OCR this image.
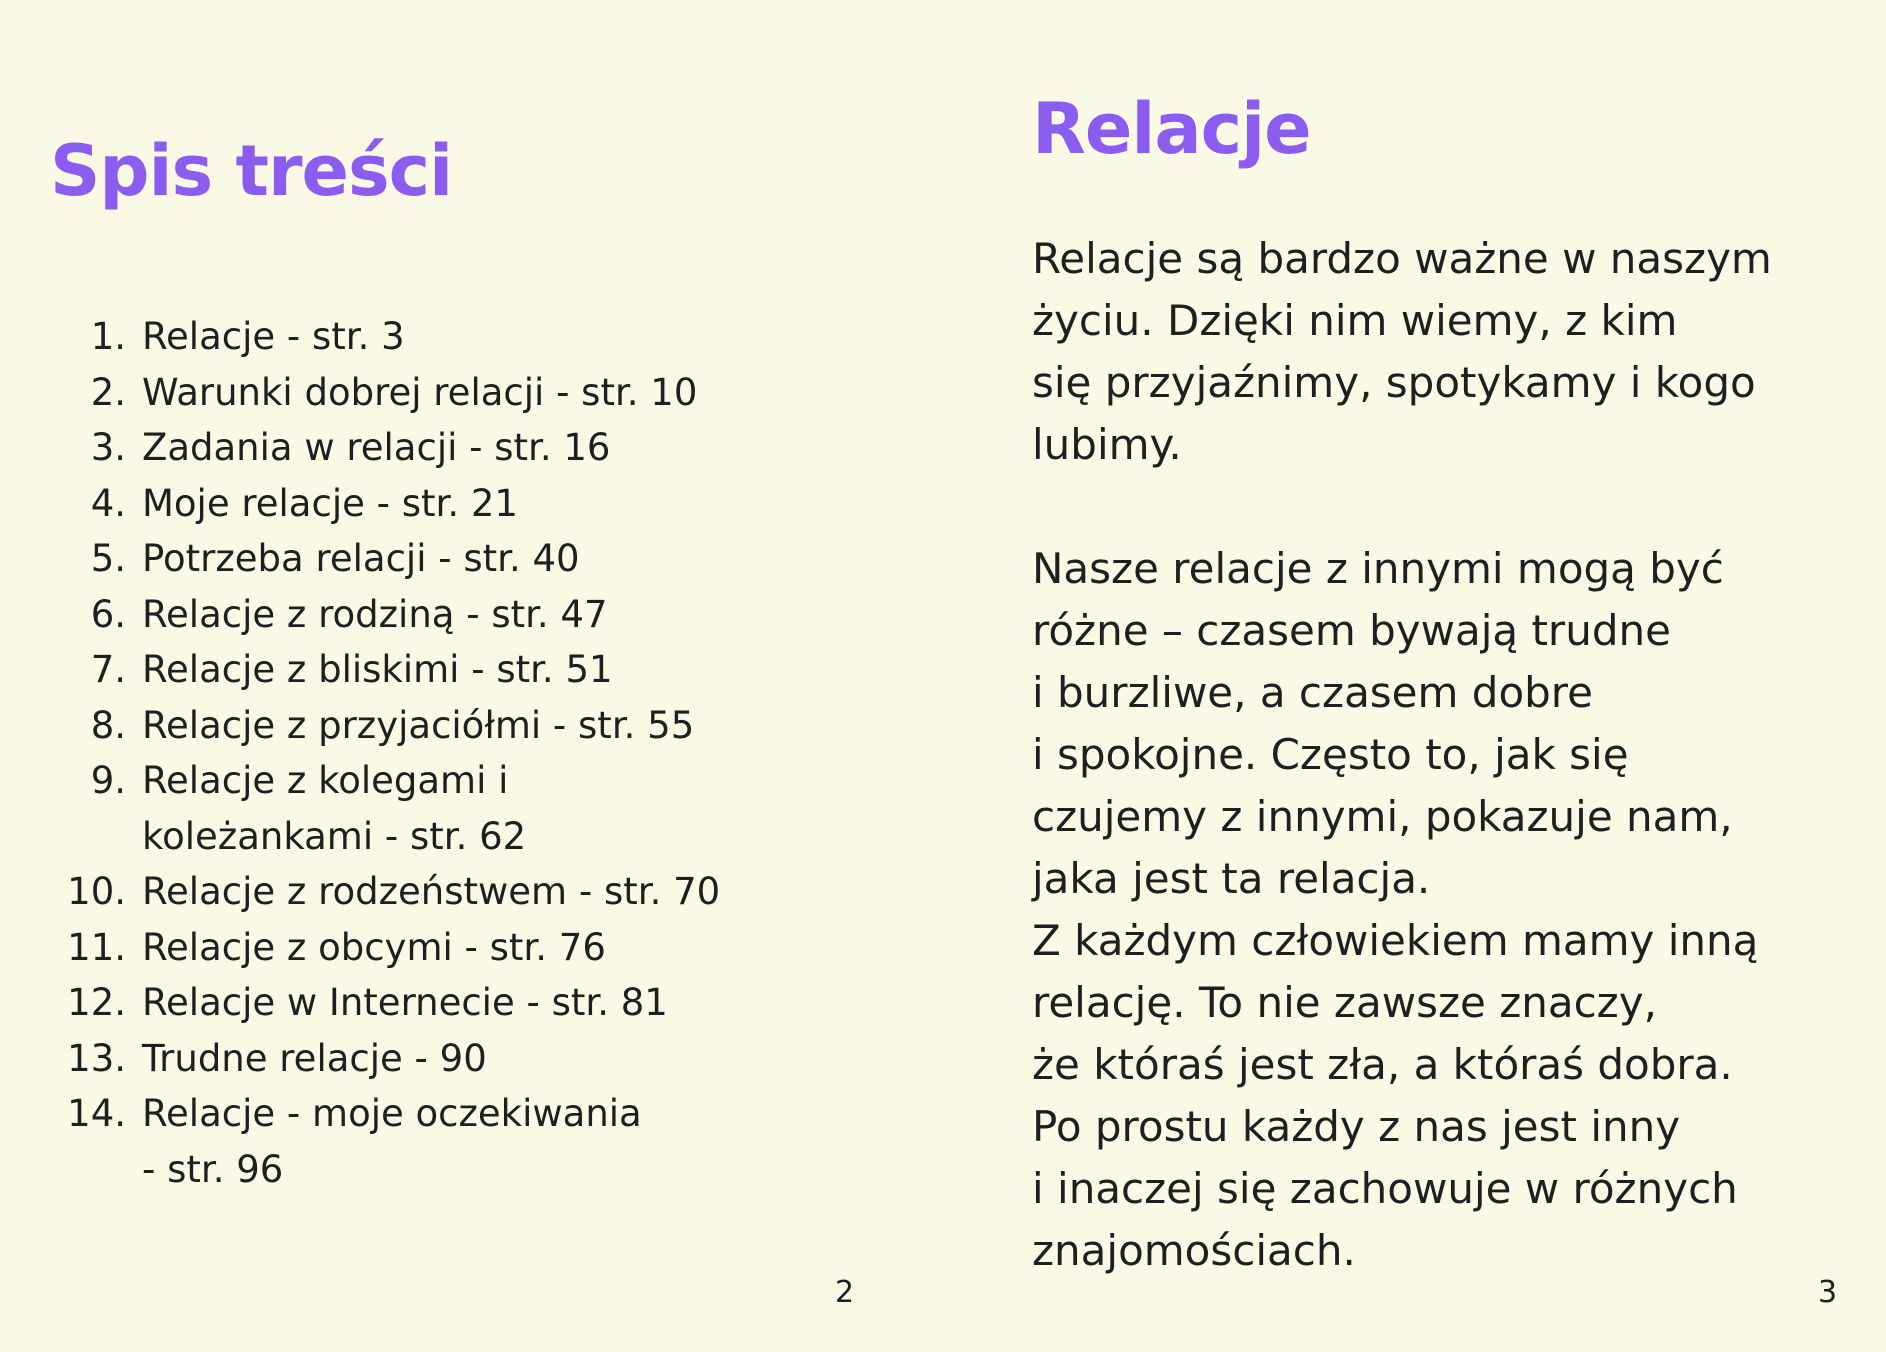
Spis treści
1. Relacje - str. 3
2. Warunki dobrej relacji - str. 10
3. Zadania w relacji - str. 16
4. Moje relacje - str. 21
5. Potrzeba relacji - str. 40
6. Relacje z rodziną - str. 47
7. Relacje z bliskimi - str. 51
8. Relacje z przyjaciółmi - str. 55
9. Relacje z kolegami i
koleżankami - str. 62
10. Relacje z rodzeństwem - str. 70
11. Relacje z obcymi - str. 76
12. Relacje w Internecie - str. 81
13. Trudne relacje - 90
14. Relacje - moje oczekiwania
- str. 96
2
Relacje

Relacje są bardzo ważne w naszym
życiu. Dzięki nim wiemy, z kim
się przyjaźnimy, spotykamy i kogo
lubimy.

Nasze relacje z innymi mogą być
różne – czasem bywają trudne
i burzliwe, a czasem dobre
i spokojne. Często to, jak się
czujemy z innymi, pokazuje nam,
jaka jest ta relacja.
Z każdym człowiekiem mamy inną
relację. To nie zawsze znaczy,
że któraś jest zła, a któraś dobra.
Po prostu każdy z nas jest inny
i inaczej się zachowuje w różnych
znajomościach.

3
